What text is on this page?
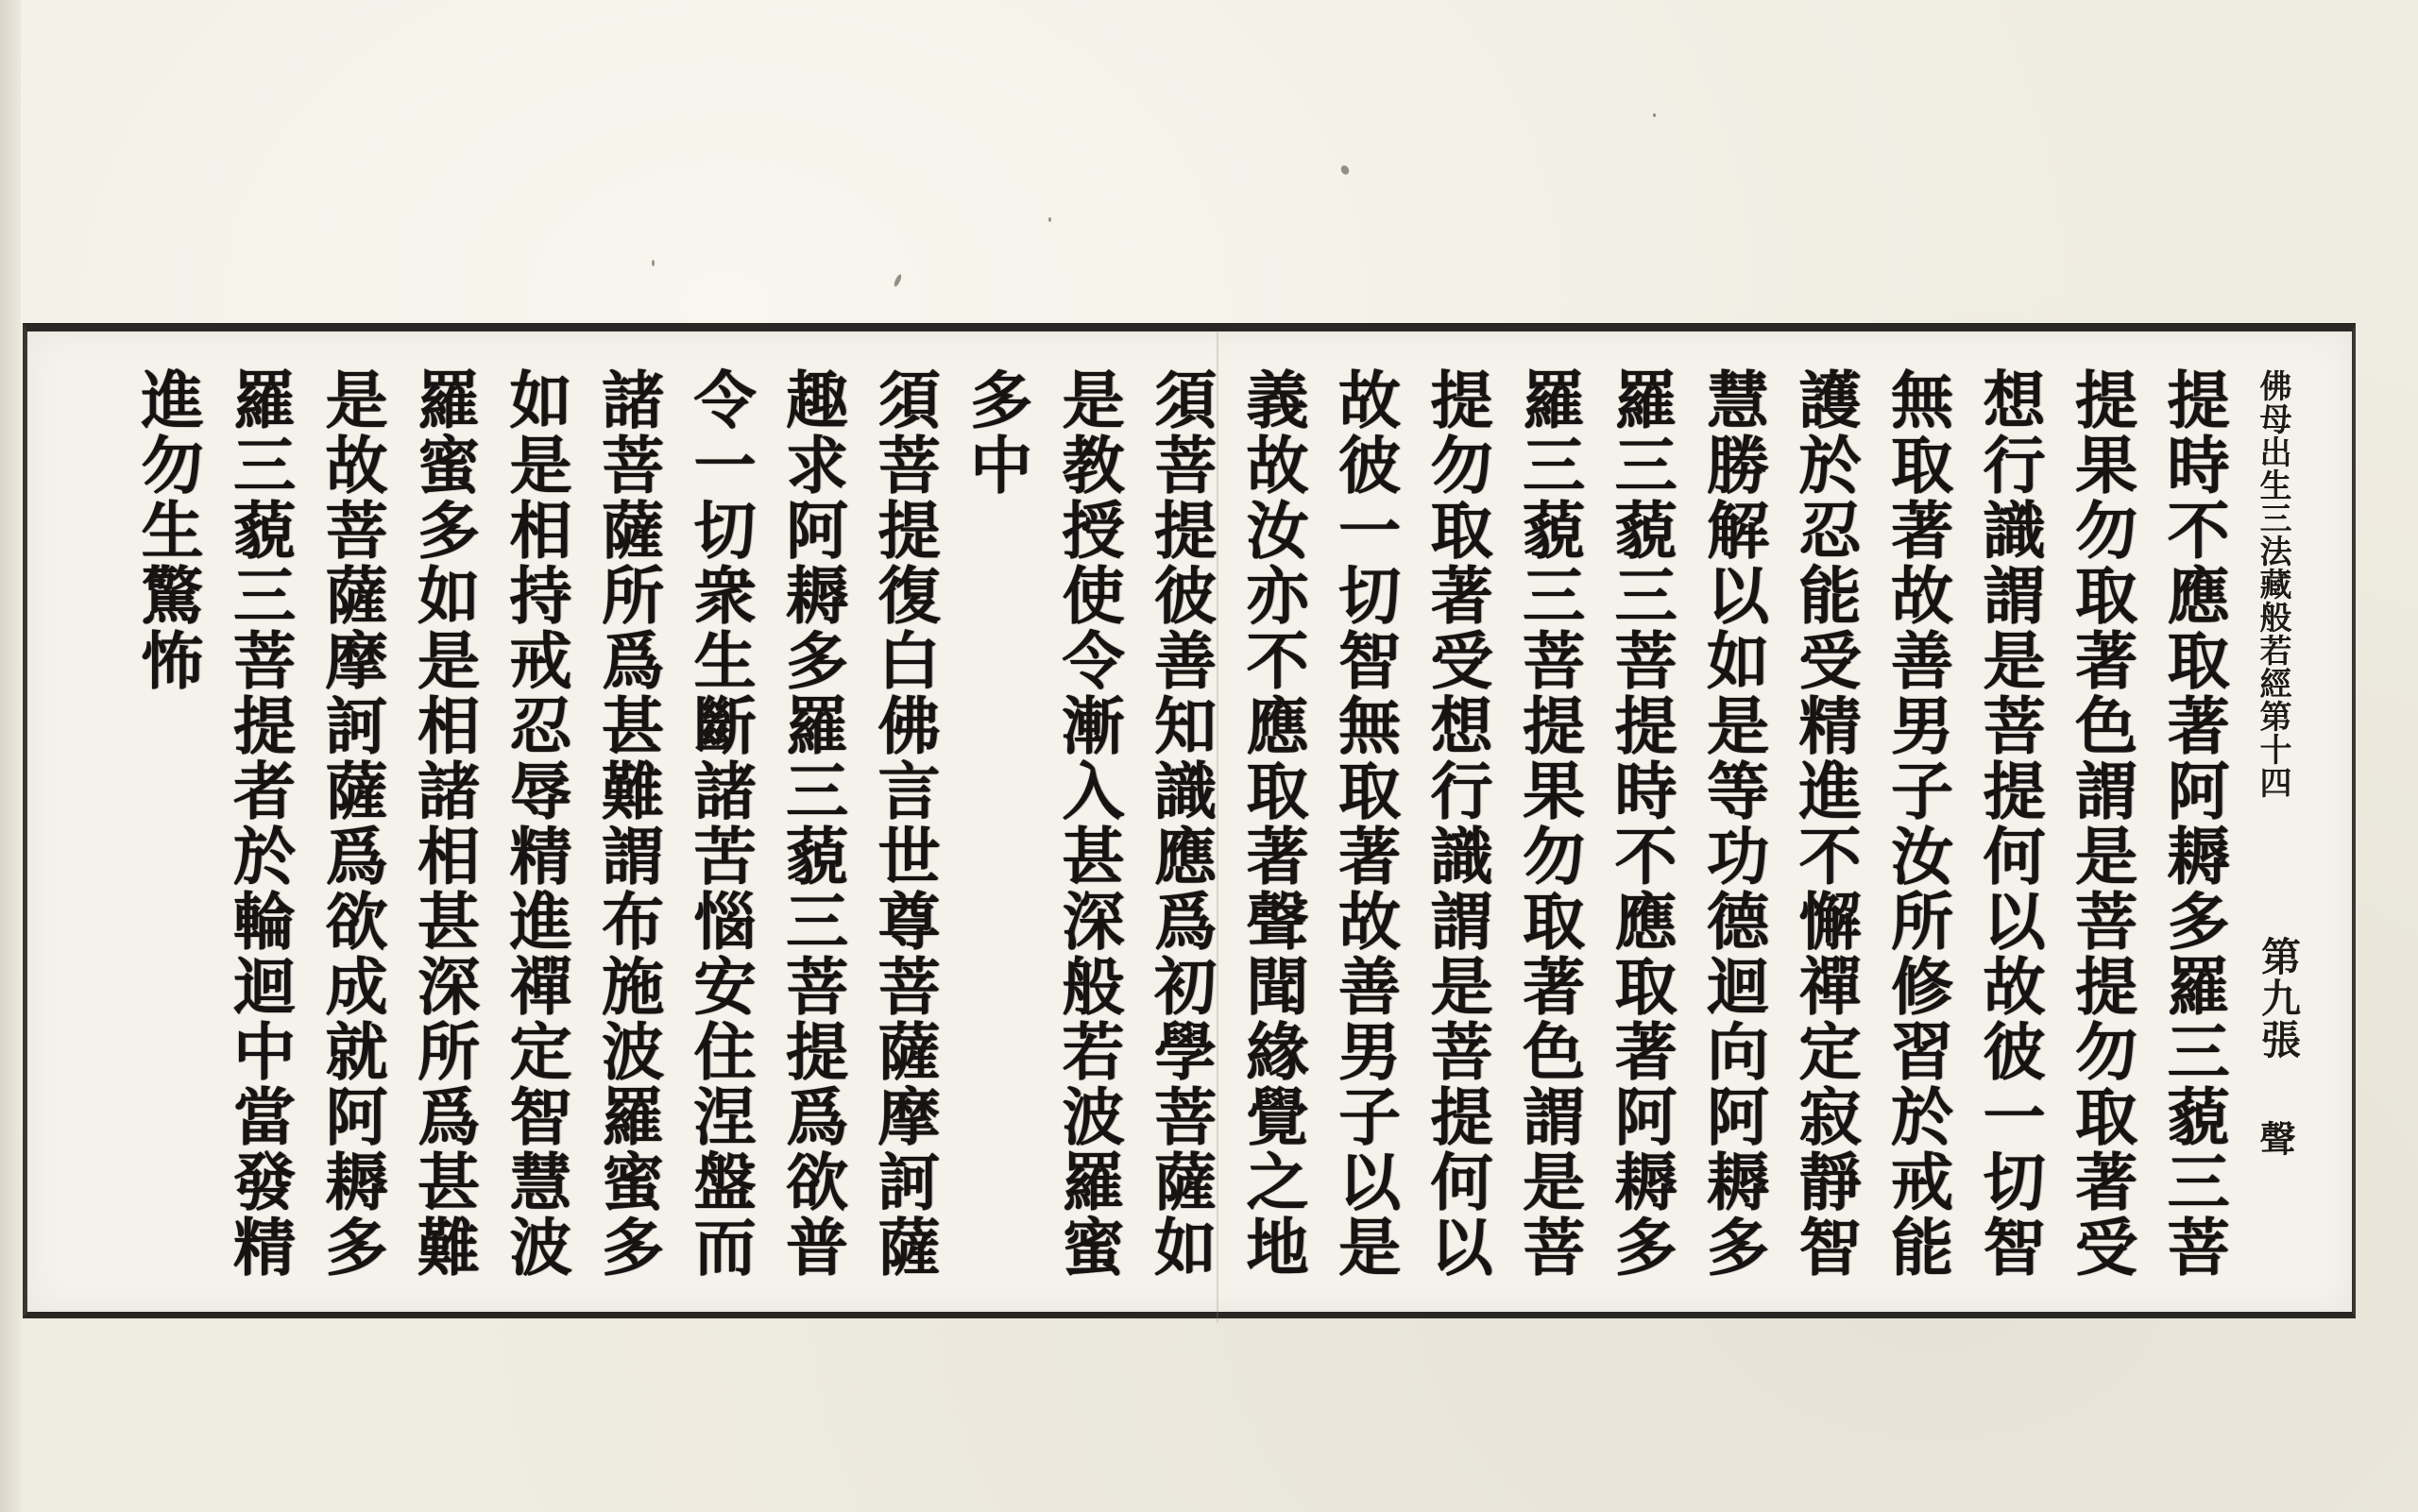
佛母出生三法藏般若經第十四
第九張
聲
提時不應取著阿耨多羅三藐三菩
提果勿取著色謂是菩提勿取著受
想行識謂是菩提何以故彼一切智
無取著故善男子汝所修習於戒能
護於忍能受精進不懈禪定寂靜智
慧勝解以如是等功德迴向阿耨多
羅三藐三菩提時不應取著阿耨多
羅三藐三菩提果勿取著色謂是菩
提勿取著受想行識謂是菩提何以
故彼一切智無取著故善男子以是
義故汝亦不應取著聲聞緣覺之地
須菩提彼善知識應爲初學菩薩如
是教授使令漸入甚深般若波羅蜜
多中
須菩提復白佛言世尊菩薩摩訶薩
趣求阿耨多羅三藐三菩提爲欲普
令一切衆生斷諸苦惱安住涅盤而
諸菩薩所爲甚難謂布施波羅蜜多
如是相持戒忍辱精進禪定智慧波
羅蜜多如是相諸相甚深所爲甚難
是故菩薩摩訶薩爲欲成就阿耨多
羅三藐三菩提者於輪迴中當發精
進勿生驚怖
